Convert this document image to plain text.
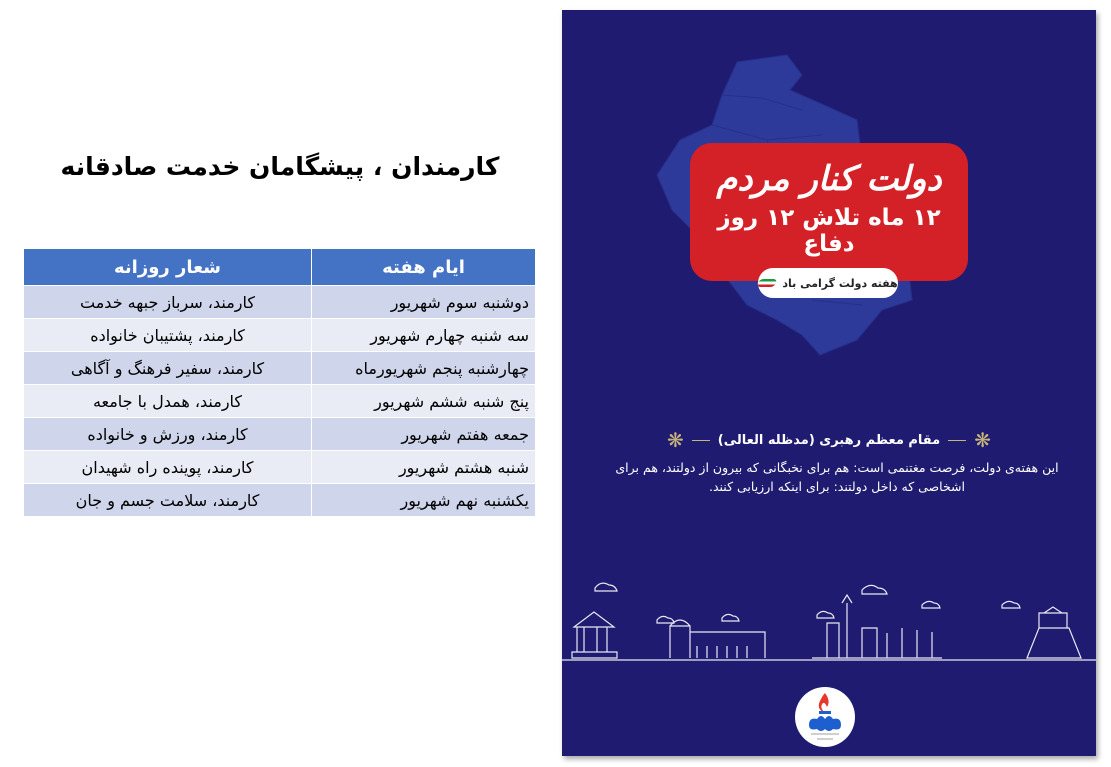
کارمندان ، پیشگامان خدمت صادقانه
ایام هفته	شعار روزانه
دوشنبه سوم شهریور	کارمند، سرباز جبهه خدمت
سه شنبه چهارم شهریور	کارمند، پشتیبان خانواده
چهارشنبه پنجم شهریورماه	کارمند، سفیر فرهنگ و آگاهی
پنج شنبه ششم شهریور	کارمند، همدل با جامعه
جمعه هفتم شهریور	کارمند، ورزش و خانواده
شنبه هشتم شهریور	کارمند، پوینده راه شهیدان
یکشنبه نهم شهریور	کارمند، سلامت جسم و جان
دولت کنار مردم
۱۲ ماه تلاش ۱۲ روز دفاع
هفته دولت گرامی باد
❋
مقام معظم رهبری (مدظله العالی)
❋
این هفته‌ی دولت، فرصت مغتنمی است: هم برای نخبگانی که بیرون از دولتند، هم برای اشخاصی که داخل دولتند: برای اینکه ارزیابی کنند.
